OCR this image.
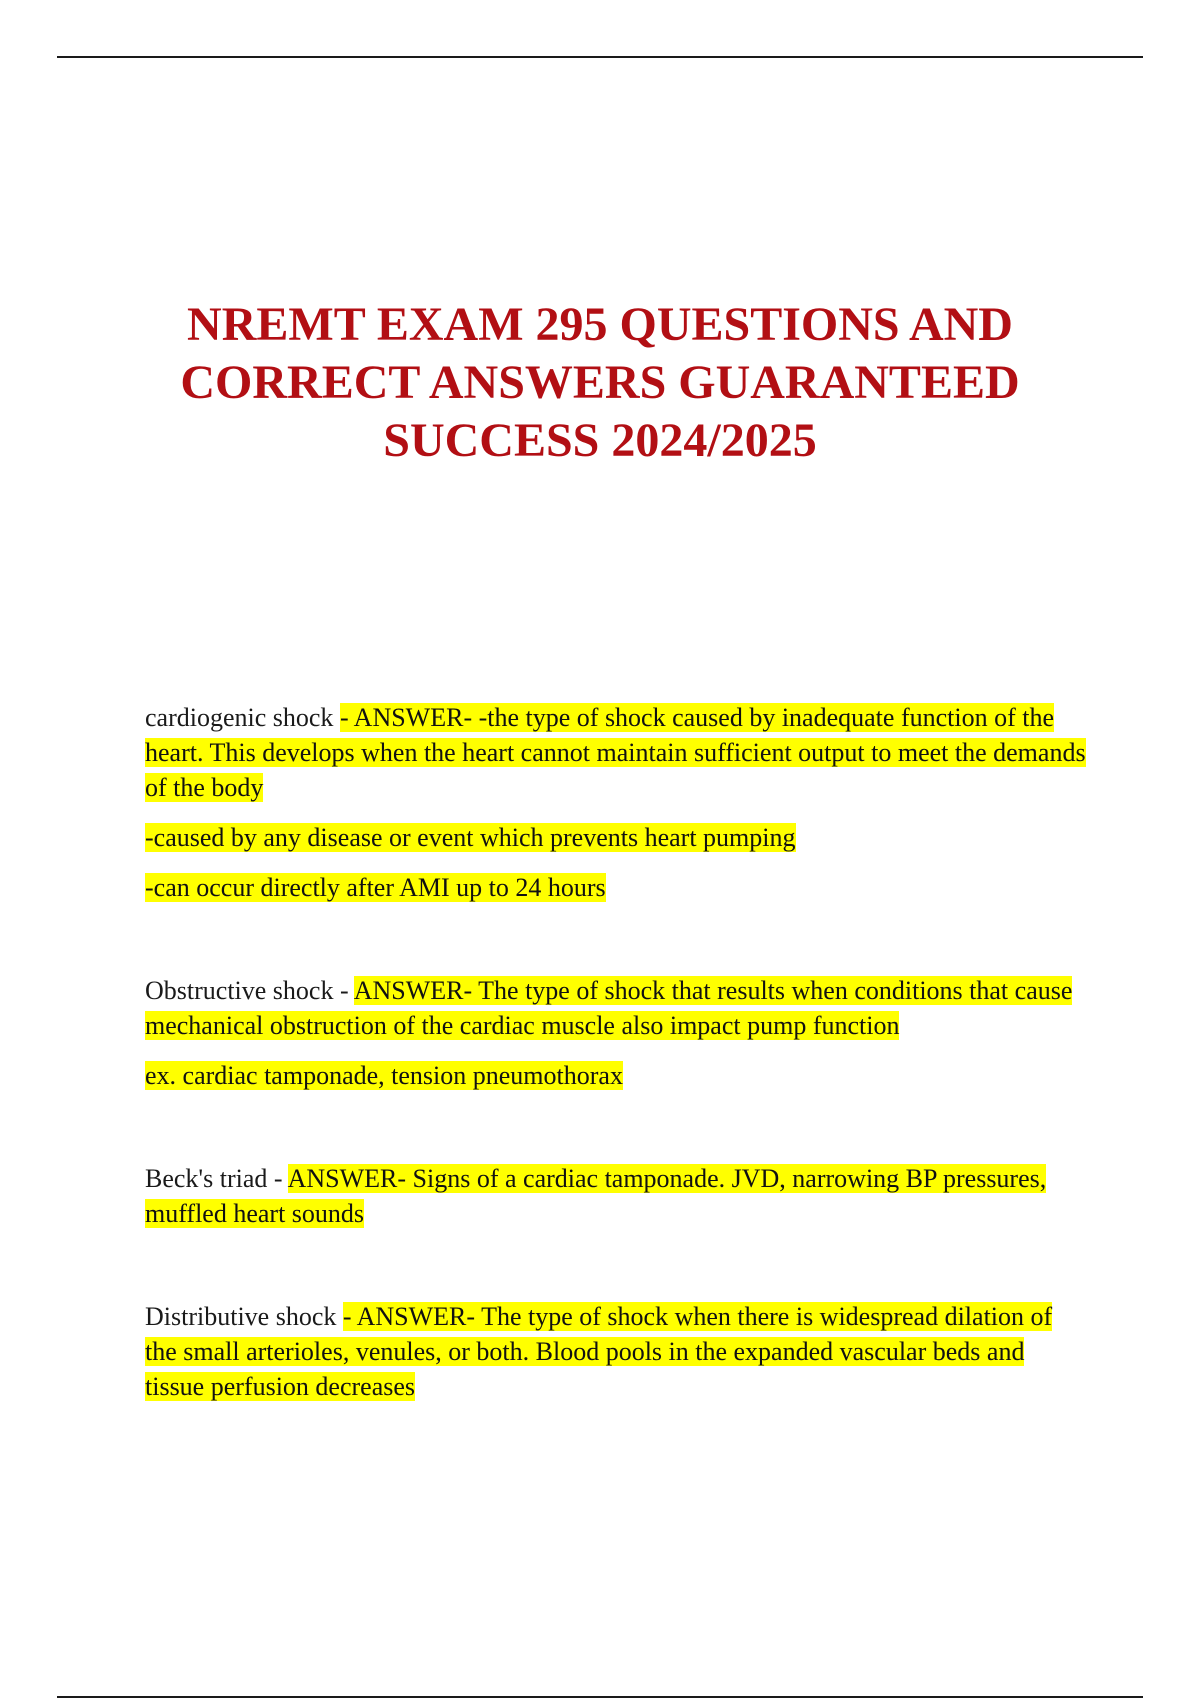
NREMT EXAM 295 QUESTIONS AND
CORRECT ANSWERS GUARANTEED
SUCCESS 2024/2025

cardiogenic shock - ANSWER- -the type of shock caused by inadequate function of the heart. This develops when the heart cannot maintain sufficient output to meet the demands of the body

-caused by any disease or event which prevents heart pumping

-can occur directly after AMI up to 24 hours

Obstructive shock - ANSWER- The type of shock that results when conditions that cause mechanical obstruction of the cardiac muscle also impact pump function

ex. cardiac tamponade, tension pneumothorax

Beck's triad - ANSWER- Signs of a cardiac tamponade. JVD, narrowing BP pressures, muffled heart sounds

Distributive shock - ANSWER- The type of shock when there is widespread dilation of the small arterioles, venules, or both. Blood pools in the expanded vascular beds and tissue perfusion decreases
